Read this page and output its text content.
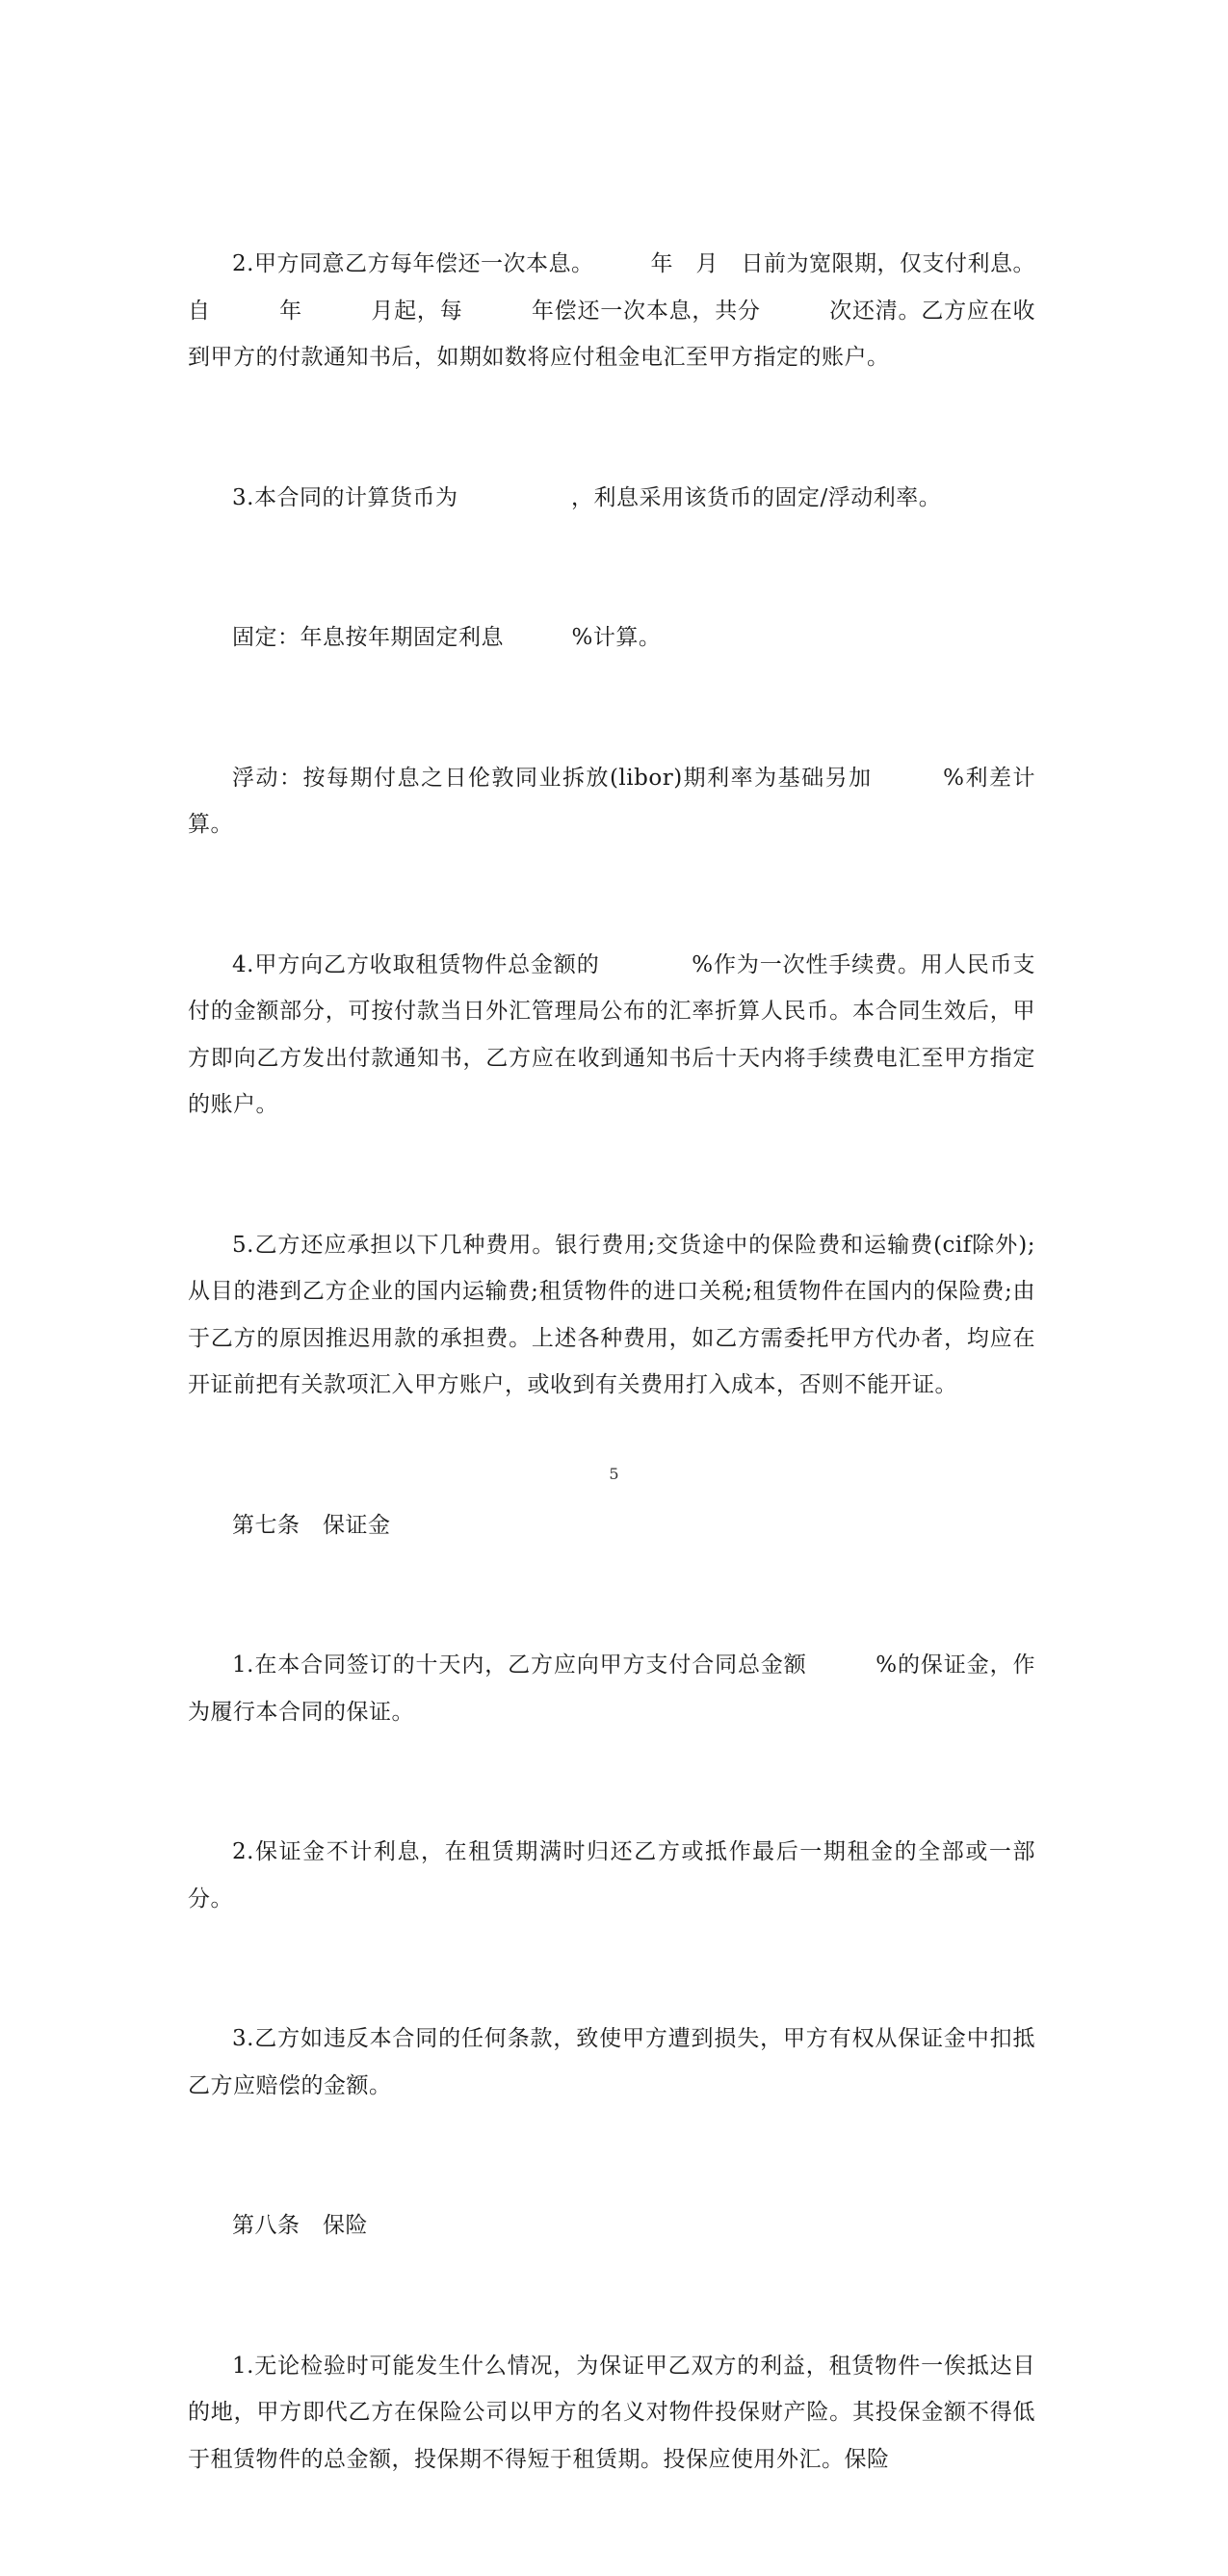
2.甲方同意乙方每年偿还一次本息。　　　年　月　日前为宽限期，仅支付利息。自　　　年　　　月起，每　　　年偿还一次本息，共分　　　次还清。乙方应在收到甲方的付款通知书后，如期如数将应付租金电汇至甲方指定的账户。

3.本合同的计算货币为　　　　　，利息采用该货币的固定/浮动利率。

固定：年息按年期固定利息　　　%计算。

浮动：按每期付息之日伦敦同业拆放(libor)期利率为基础另加　　　%利差计算。

4.甲方向乙方收取租赁物件总金额的　　　　%作为一次性手续费。用人民币支付的金额部分，可按付款当日外汇管理局公布的汇率折算人民币。本合同生效后，甲方即向乙方发出付款通知书，乙方应在收到通知书后十天内将手续费电汇至甲方指定的账户。

5.乙方还应承担以下几种费用。银行费用;交货途中的保险费和运输费(cif除外);从目的港到乙方企业的国内运输费;租赁物件的进口关税;租赁物件在国内的保险费;由于乙方的原因推迟用款的承担费。上述各种费用，如乙方需委托甲方代办者，均应在开证前把有关款项汇入甲方账户，或收到有关费用打入成本，否则不能开证。

第七条　保证金

1.在本合同签订的十天内，乙方应向甲方支付合同总金额　　　%的保证金，作为履行本合同的保证。

2.保证金不计利息，在租赁期满时归还乙方或抵作最后一期租金的全部或一部分。

3.乙方如违反本合同的任何条款，致使甲方遭到损失，甲方有权从保证金中扣抵乙方应赔偿的金额。

第八条　保险

1.无论检验时可能发生什么情况，为保证甲乙双方的利益，租赁物件一俟抵达目的地，甲方即代乙方在保险公司以甲方的名义对物件投保财产险。其投保金额不得低于租赁物件的总金额，投保期不得短于租赁期。投保应使用外汇。保险

5
